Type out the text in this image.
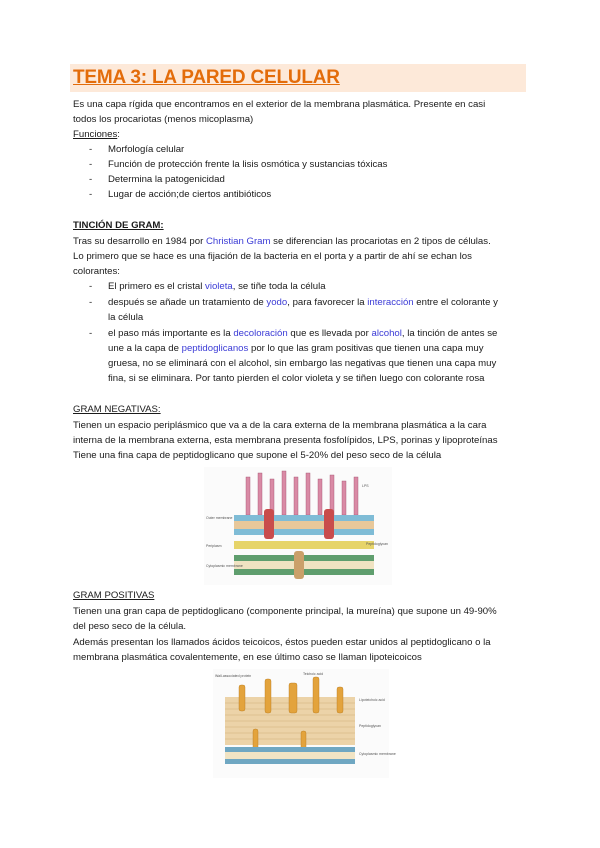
TEMA 3: LA PARED CELULAR
Es una capa rígida que encontramos en el exterior de la membrana plasmática. Presente en casi
todos los procariotas (menos micoplasma)
Funciones:
- Morfología celular
- Función de protección frente la lisis osmótica y sustancias tóxicas
- Determina la patogenicidad
- Lugar de acción;de ciertos antibióticos
TINCIÓN DE GRAM:
Tras su desarrollo en 1984 por Christian Gram se diferencian las procariotas en 2 tipos de células.
Lo primero que se hace es una fijación de la bacteria en el porta y a partir de ahí se echan los
colorantes:
- El primero es el cristal violeta, se tiñe toda la célula
- después se añade un tratamiento de yodo, para favorecer la interacción entre el colorante y
la célula
- el paso más importante es la decoloración que es llevada por alcohol, la tinción de antes se
une a la capa de peptidoglicanos por lo que las gram positivas que tienen una capa muy
gruesa, no se eliminará con el alcohol, sin embargo las negativas que tienen una capa muy
fina, si se eliminara. Por tanto pierden el color violeta y se tiñen luego con colorante rosa
GRAM NEGATIVAS:
Tienen un espacio periplásmico que va a de la cara externa de la membrana plasmática a la cara
interna de la membrana externa, esta membrana presenta fosfolípidos, LPS, porinas y lipoproteínas
Tiene una fina capa de peptidoglicano que supone el 5-20% del peso seco de la célula
Outer membrane
Periplasm
Cytoplasmic membrane
LPS
Peptidoglycan
GRAM POSITIVAS
Tienen una gran capa de peptidoglicano (componente principal, la mureína) que supone un 49-90%
del peso seco de la célula.
Además presentan los llamados ácidos teicoicos, éstos pueden estar unidos al peptidoglicano o la
membrana plasmática covalentemente, en ese último caso se llaman lipoteicoicos
Wall-associated protein	Teichoic acid
Lipoteichoic acid
Peptidoglycan
Cytoplasmic membrane
